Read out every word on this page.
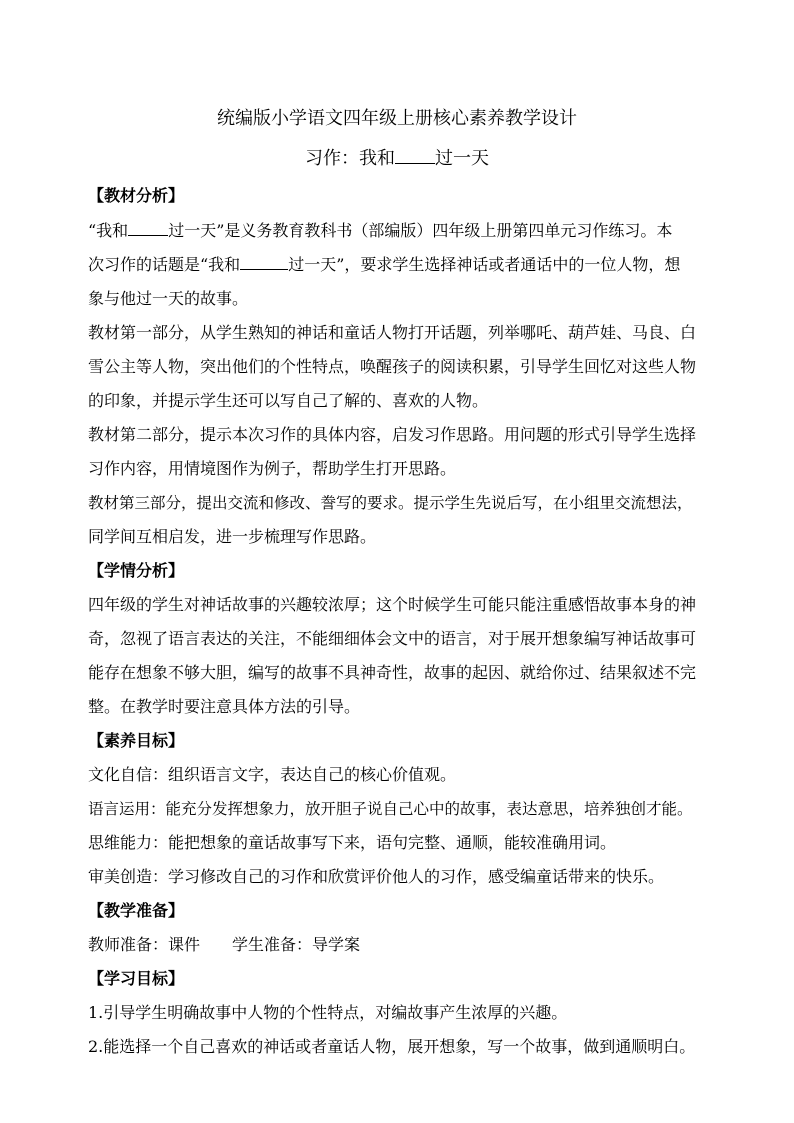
统编版小学语文四年级上册核心素养教学设计
习作：我和 过一天
【教材分析】
“我和	过一天”是义务教育教科书（部编版）四年级上册第四单元习作练习。本
次习作的话题是“我和	过一天”，要求学生选择神话或者通话中的一位人物，想
象与他过一天的故事。
教材第一部分，从学生熟知的神话和童话人物打开话题，列举哪吒、葫芦娃、马良、白
雪公主等人物，突出他们的个性特点，唤醒孩子的阅读积累，引导学生回忆对这些人物
的印象，并提示学生还可以写自己了解的、喜欢的人物。
教材第二部分，提示本次习作的具体内容，启发习作思路。用问题的形式引导学生选择
习作内容，用情境图作为例子，帮助学生打开思路。
教材第三部分，提出交流和修改、誊写的要求。提示学生先说后写，在小组里交流想法，
同学间互相启发，进一步梳理写作思路。
【学情分析】
四年级的学生对神话故事的兴趣较浓厚；这个时候学生可能只能注重感悟故事本身的神
奇，忽视了语言表达的关注，不能细细体会文中的语言，对于展开想象编写神话故事可
能存在想象不够大胆，编写的故事不具神奇性，故事的起因、就给你过、结果叙述不完
整。在教学时要注意具体方法的引导。
【素养目标】
文化自信：组织语言文字，表达自己的核心价值观。
语言运用：能充分发挥想象力，放开胆子说自己心中的故事，表达意思，培养独创才能。
思维能力：能把想象的童话故事写下来，语句完整、通顺，能较准确用词。
审美创造：学习修改自己的习作和欣赏评价他人的习作，感受编童话带来的快乐。
【教学准备】
教师准备：课件　　学生准备：导学案
【学习目标】
1.引导学生明确故事中人物的个性特点，对编故事产生浓厚的兴趣。
2.能选择一个自己喜欢的神话或者童话人物，展开想象，写一个故事，做到通顺明白。
